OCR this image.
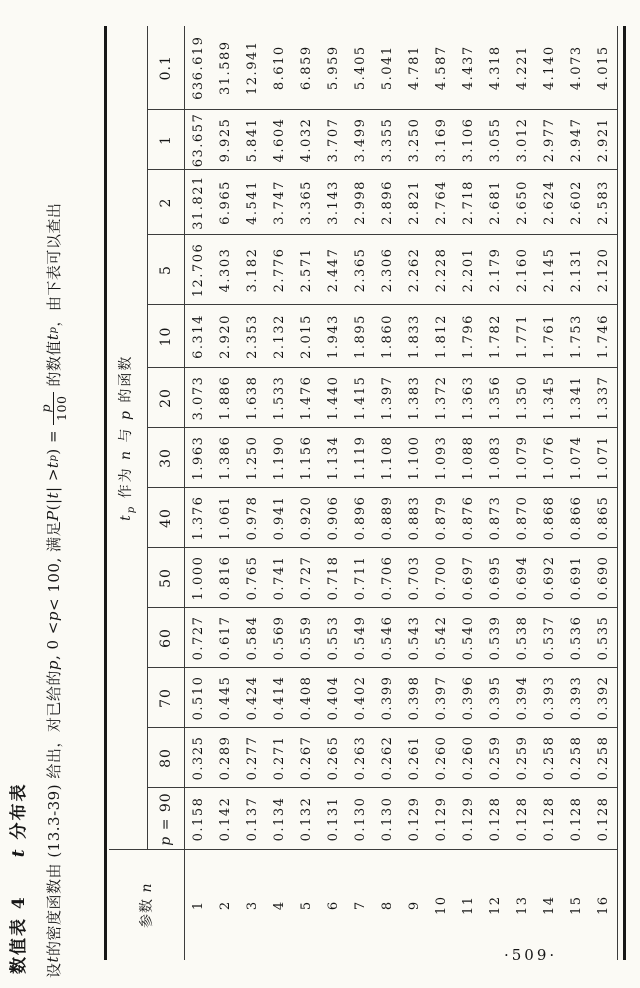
数值表 4　　t 分布表
设
t
的密度函数由 (13.3-39) 给出，对已给的
p
, 0 <
p
< 100, 满足
P
(|
t
| >
t
p
) =
p 100
的数值
t
p
，由下表可以查出
参数 n	$t_p$ 作为 n 与 p 的函数												
	p = 90	80	70	60	50	40	30	20	10	5	2	1	0.1
1	0.158	0.325	0.510	0.727	1.000	1.376	1.963	3.073	6.314	12.706	31.821	63.657	636.619
2	0.142	0.289	0.445	0.617	0.816	1.061	1.386	1.886	2.920	4.303	6.965	9.925	31.589
3	0.137	0.277	0.424	0.584	0.765	0.978	1.250	1.638	2.353	3.182	4.541	5.841	12.941
4	0.134	0.271	0.414	0.569	0.741	0.941	1.190	1.533	2.132	2.776	3.747	4.604	8.610
5	0.132	0.267	0.408	0.559	0.727	0.920	1.156	1.476	2.015	2.571	3.365	4.032	6.859
6	0.131	0.265	0.404	0.553	0.718	0.906	1.134	1.440	1.943	2.447	3.143	3.707	5.959
7	0.130	0.263	0.402	0.549	0.711	0.896	1.119	1.415	1.895	2.365	2.998	3.499	5.405
8	0.130	0.262	0.399	0.546	0.706	0.889	1.108	1.397	1.860	2.306	2.896	3.355	5.041
9	0.129	0.261	0.398	0.543	0.703	0.883	1.100	1.383	1.833	2.262	2.821	3.250	4.781
10	0.129	0.260	0.397	0.542	0.700	0.879	1.093	1.372	1.812	2.228	2.764	3.169	4.587
11	0.129	0.260	0.396	0.540	0.697	0.876	1.088	1.363	1.796	2.201	2.718	3.106	4.437
12	0.128	0.259	0.395	0.539	0.695	0.873	1.083	1.356	1.782	2.179	2.681	3.055	4.318
13	0.128	0.259	0.394	0.538	0.694	0.870	1.079	1.350	1.771	2.160	2.650	3.012	4.221
14	0.128	0.258	0.393	0.537	0.692	0.868	1.076	1.345	1.761	2.145	2.624	2.977	4.140
15	0.128	0.258	0.393	0.536	0.691	0.866	1.074	1.341	1.753	2.131	2.602	2.947	4.073
16	0.128	0.258	0.392	0.535	0.690	0.865	1.071	1.337	1.746	2.120	2.583	2.921	4.015
·509·
